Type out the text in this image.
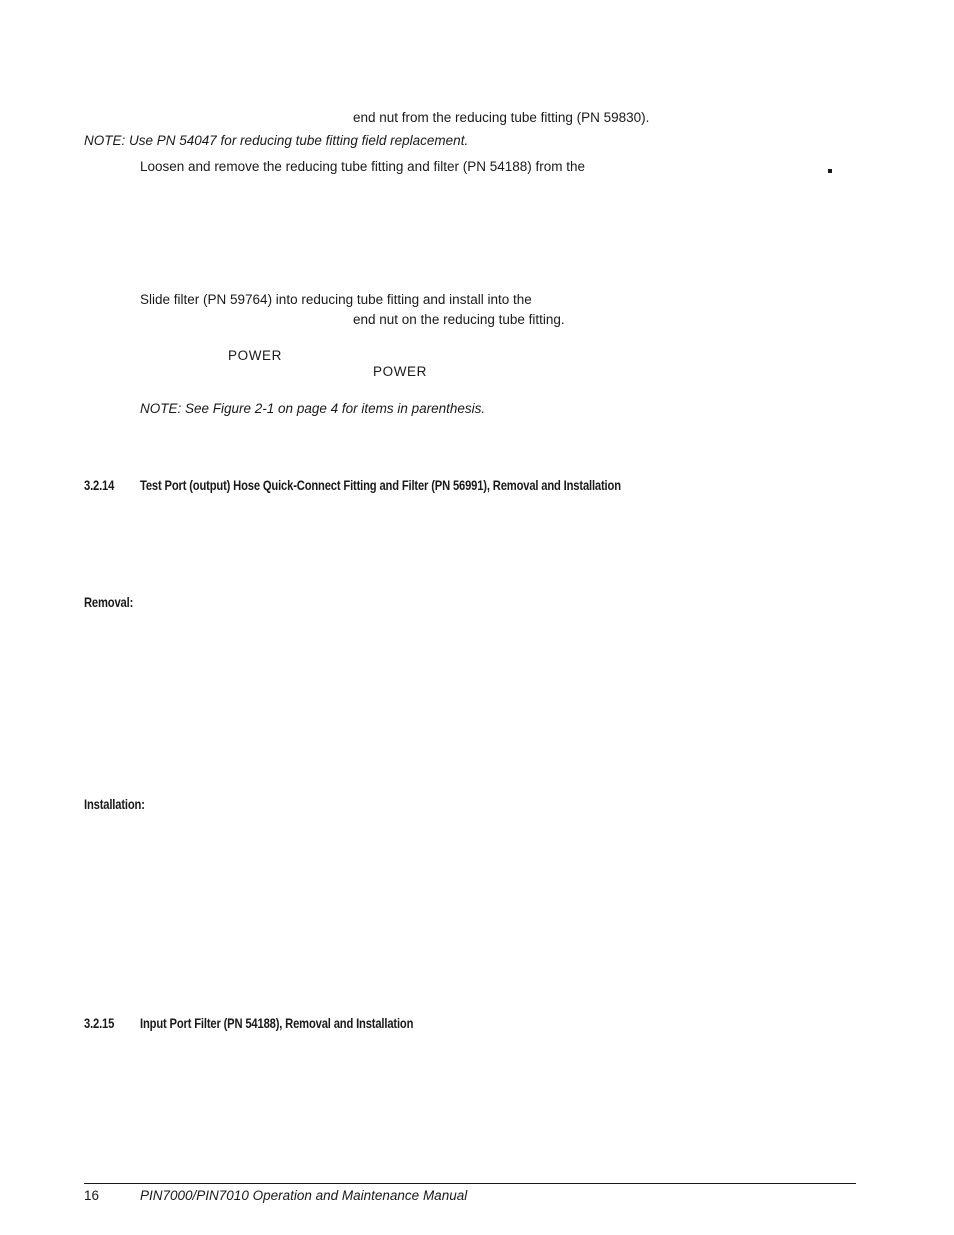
end nut from the reducing tube fitting (PN 59830).
NOTE: Use PN 54047 for reducing tube fitting field replacement.
Loosen and remove the reducing tube fitting and filter (PN 54188) from the
Slide filter (PN 59764) into reducing tube fitting and install into the
end nut on the reducing tube fitting.
POWER
POWER
NOTE: See Figure 2-1 on page 4 for items in parenthesis.
3.2.14 Test Port (output) Hose Quick-Connect Fitting and Filter (PN 56991), Removal and Installation
Removal:
Installation:
3.2.15 Input Port Filter (PN 54188), Removal and Installation
16	PIN7000/PIN7010 Operation and Maintenance Manual
